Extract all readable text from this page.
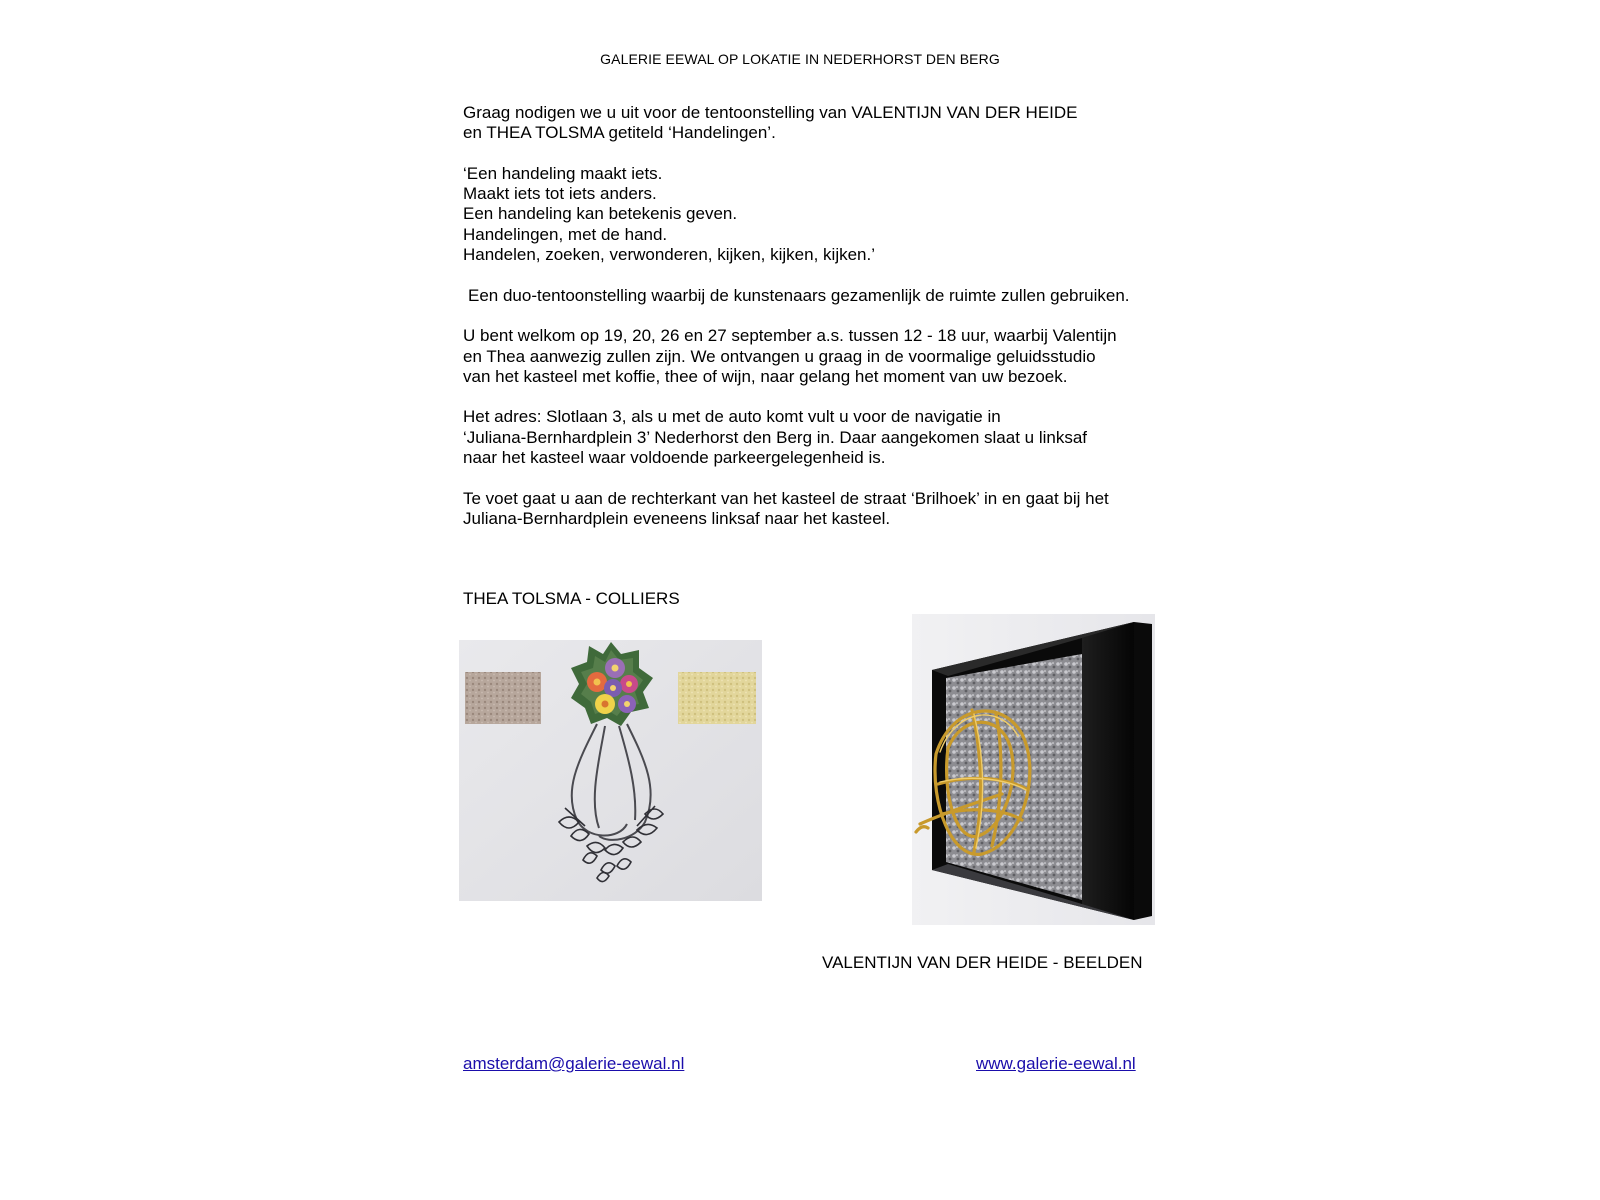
GALERIE EEWAL OP LOKATIE IN NEDERHORST DEN BERG

Graag nodigen we u uit voor de tentoonstelling van VALENTIJN VAN DER HEIDE
en THEA TOLSMA getiteld ‘Handelingen’.

‘Een handeling maakt iets.
Maakt iets tot iets anders.
Een handeling kan betekenis geven.
Handelingen, met de hand.
Handelen, zoeken, verwonderen, kijken, kijken, kijken.’

Een duo-tentoonstelling waarbij de kunstenaars gezamenlijk de ruimte zullen gebruiken.

U bent welkom op 19, 20, 26 en 27 september a.s. tussen 12 - 18 uur, waarbij Valentijn
en Thea aanwezig zullen zijn. We ontvangen u graag in de voormalige geluidsstudio
van het kasteel met koffie, thee of wijn, naar gelang het moment van uw bezoek.

Het adres: Slotlaan 3, als u met de auto komt vult u voor de navigatie in
‘Juliana-Bernhardplein 3’ Nederhorst den Berg in. Daar aangekomen slaat u linksaf
naar het kasteel waar voldoende parkeergelegenheid is.

Te voet gaat u aan de rechterkant van het kasteel de straat ‘Brilhoek’ in en gaat bij het
Juliana-Bernhardplein eveneens linksaf naar het kasteel.

THEA TOLSMA - COLLIERS
VALENTIJN VAN DER HEIDE - BEELDEN
amsterdam@galerie-eewal.nl	www.galerie-eewal.nl
